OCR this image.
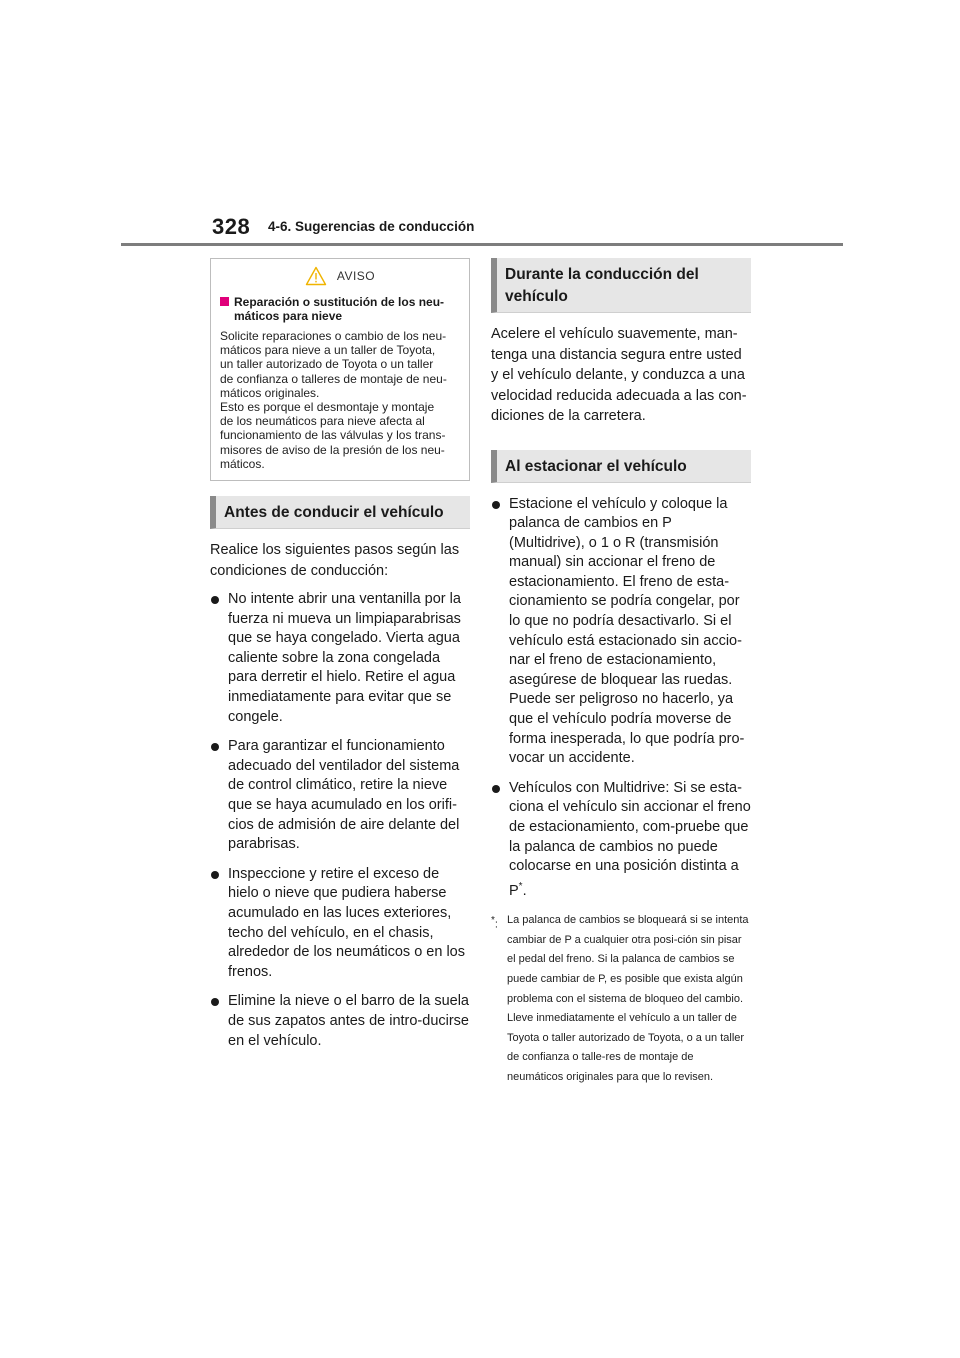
328 4-6. Sugerencias de conducción
AVISO
Reparación o sustitución de los neu-máticos para nieve

Solicite reparaciones o cambio de los neu-

máticos para nieve a un taller de Toyota,

un taller autorizado de Toyota o un taller

de confianza o talleres de montaje de neu-

máticos originales.

Esto es porque el desmontaje y montaje

de los neumáticos para nieve afecta al

funcionamiento de las válvulas y los trans-

misores de aviso de la presión de los neu-

máticos.

Antes de conducir el vehículo

Realice los siguientes pasos según las condiciones de conducción:

No intente abrir una ventanilla por la fuerza ni mueva un limpiaparabrisas que se haya congelado. Vierta agua caliente sobre la zona congelada para derretir el hielo. Retire el agua inmediatamente para evitar que se congele.
Para garantizar el funcionamiento adecuado del ventilador del sistema de control climático, retire la nieve que se haya acumulado en los orifi-cios de admisión de aire delante del parabrisas.
Inspeccione y retire el exceso de hielo o nieve que pudiera haberse acumulado en las luces exteriores, techo del vehículo, en el chasis, alrededor de los neumáticos o en los frenos.
Elimine la nieve o el barro de la suela de sus zapatos antes de intro-ducirse en el vehículo.
Durante la conducción del vehículo

Acelere el vehículo suavemente, man-tenga una distancia segura entre usted y el vehículo delante, y conduzca a una velocidad reducida adecuada a las con-diciones de la carretera.

Al estacionar el vehículo
Estacione el vehículo y coloque la palanca de cambios en P (Multidrive), o 1 o R (transmisión manual) sin accionar el freno de estacionamiento. El freno de esta-cionamiento se podría congelar, por lo que no podría desactivarlo. Si el vehículo está estacionado sin accio-nar el freno de estacionamiento, asegúrese de bloquear las ruedas. Puede ser peligroso no hacerlo, ya que el vehículo podría moverse de forma inesperada, lo que podría pro-vocar un accidente.
Vehículos con Multidrive: Si se esta-ciona el vehículo sin accionar el freno de estacionamiento, com-pruebe que la palanca de cambios no puede colocarse en una posición distinta a P*.
*: La palanca de cambios se bloqueará si se intenta cambiar de P a cualquier otra posi-ción sin pisar el pedal del freno. Si la palanca de cambios se puede cambiar de P, es posible que exista algún problema con el sistema de bloqueo del cambio. Lleve inmediatamente el vehículo a un taller de Toyota o taller autorizado de Toyota, o a un taller de confianza o talle-res de montaje de neumáticos originales para que lo revisen.
